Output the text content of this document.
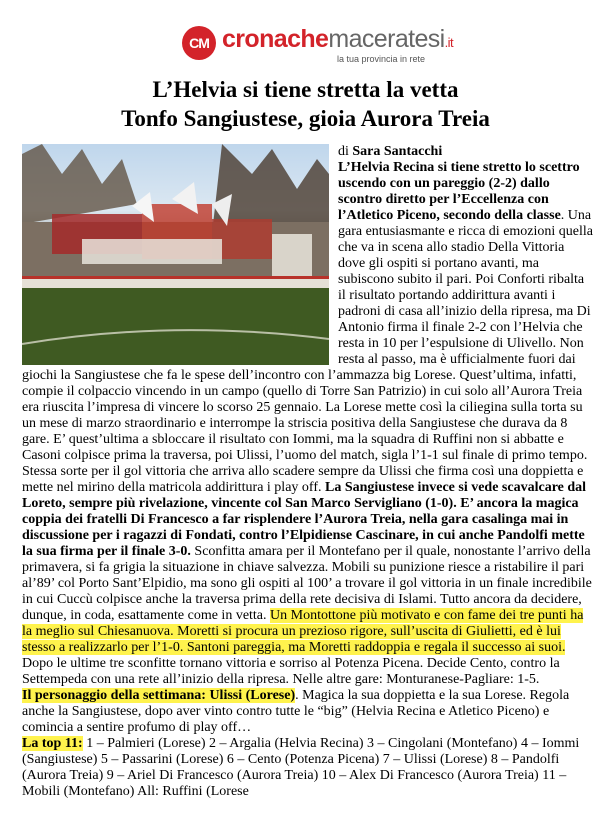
CM cronachemaceratesi.it
la tua provincia in rete
L’Helvia si tiene stretta la vetta
Tonfo Sangiustese, gioia Aurora Treia

di Sara Santacchi

L’Helvia Recina si tiene stretto lo scettro uscendo con un pareggio (2-2) dallo scontro diretto per l’Eccellenza con l’Atletico Piceno, secondo della classe. Una gara entusiasmante e ricca di emozioni quella che va in scena allo stadio Della Vittoria dove gli ospiti si portano avanti, ma subiscono subito il pari. Poi Conforti ribalta il risultato portando addirittura avanti i padroni di casa all’inizio della ripresa, ma Di Antonio firma il finale 2-2 con l’Helvia che resta in 10 per l’espulsione di Ulivello. Non resta al passo, ma è ufficialmente fuori dai giochi la Sangiustese che fa le spese dell’incontro con l’ammazza big Lorese. Quest’ultima, infatti, compie il colpaccio vincendo in un campo (quello di Torre San Patrizio) in cui solo all’Aurora Treia era riuscita l’impresa di vincere lo scorso 25 gennaio. La Lorese mette così la ciliegina sulla torta su un mese di marzo straordinario e interrompe la striscia positiva della Sangiustese che durava da 8 gare. E’ quest’ultima a sbloccare il risultato con Iommi, ma la squadra di Ruffini non si abbatte e Casoni colpisce prima la traversa, poi Ulissi, l’uomo del match, sigla l’1-1 sul finale di primo tempo. Stessa sorte per il gol vittoria che arriva allo scadere sempre da Ulissi che firma così una doppietta e mette nel mirino della matricola addirittura i play off. La Sangiustese invece si vede scavalcare dal Loreto, sempre più rivelazione, vincente col San Marco Servigliano (1-0). E’ ancora la magica coppia dei fratelli Di Francesco a far risplendere l’Aurora Treia, nella gara casalinga mai in discussione per i ragazzi di Fondati, contro l’Elpidiense Cascinare, in cui anche Pandolfi mette la sua firma per il finale 3-0. Sconfitta amara per il Montefano per il quale, nonostante l’arrivo della primavera, si fa grigia la situazione in chiave salvezza. Mobili su punizione riesce a ristabilire il pari al’89’ col Porto Sant’Elpidio, ma sono gli ospiti al 100’ a trovare il gol vittoria in un finale incredibile in cui Cuccù colpisce anche la traversa prima della rete decisiva di Islami. Tutto ancora da decidere, dunque, in coda, esattamente come in vetta. Un Montottone più motivato e con fame dei tre punti ha la meglio sul Chiesanuova. Moretti si procura un prezioso rigore, sull’uscita di Giulietti, ed è lui stesso a realizzarlo per l’1-0. Santoni pareggia, ma Moretti raddoppia e regala il successo ai suoi. Dopo le ultime tre sconfitte tornano vittoria e sorriso al Potenza Picena. Decide Cento, contro la Settempeda con una rete all’inizio della ripresa. Nelle altre gare: Monturanese-Pagliare: 1-5.

Il personaggio della settimana: Ulissi (Lorese). Magica la sua doppietta e la sua Lorese. Regola anche la Sangiustese, dopo aver vinto contro tutte le “big” (Helvia Recina e Atletico Piceno) e comincia a sentire profumo di play off…

La top 11: 1 – Palmieri (Lorese) 2 – Argalia (Helvia Recina) 3 – Cingolani (Montefano) 4 – Iommi (Sangiustese) 5 – Passarini (Lorese) 6 – Cento (Potenza Picena) 7 – Ulissi (Lorese) 8 – Pandolfi (Aurora Treia) 9 – Ariel Di Francesco (Aurora Treia) 10 – Alex Di Francesco (Aurora Treia) 11 – Mobili (Montefano) All: Ruffini (Lorese
